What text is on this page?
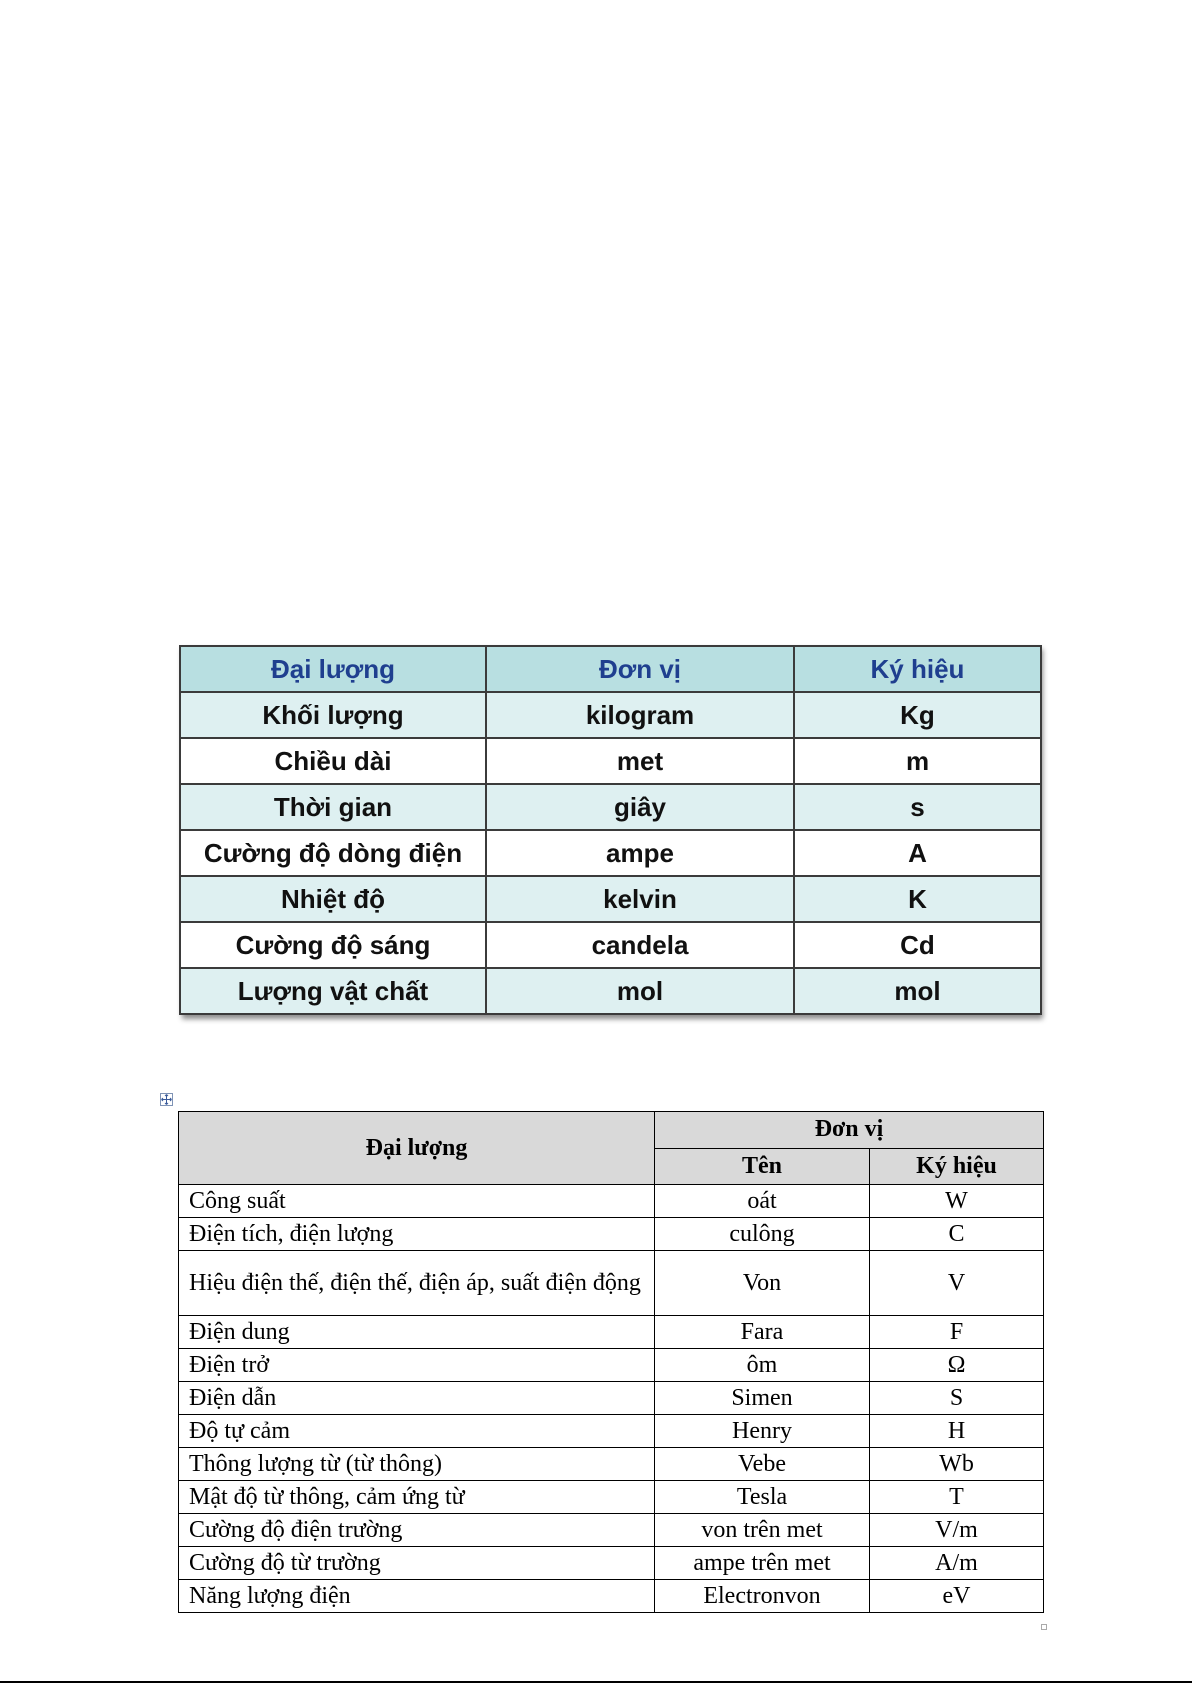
Đại lượng	Đơn vị	Ký hiệu
Khối lượng	kilogram	Kg
Chiều dài	met	m
Thời gian	giây	s
Cường độ dòng điện	ampe	A
Nhiệt độ	kelvin	K
Cường độ sáng	candela	Cd
Lượng vật chất	mol	mol
Đại lượng	Đơn vị	
	Tên	Ký hiệu
Công suất	oát	W
Điện tích, điện lượng	culông	C
Hiệu điện thế, điện thế, điện áp, suất điện động	Von	V
Điện dung	Fara	F
Điện trở	ôm	Ω
Điện dẫn	Simen	S
Độ tự cảm	Henry	H
Thông lượng từ (từ thông)	Vebe	Wb
Mật độ từ thông, cảm ứng từ	Tesla	T
Cường độ điện trường	von trên met	V/m
Cường độ từ trường	ampe trên met	A/m
Năng lượng điện	Electronvon	eV
